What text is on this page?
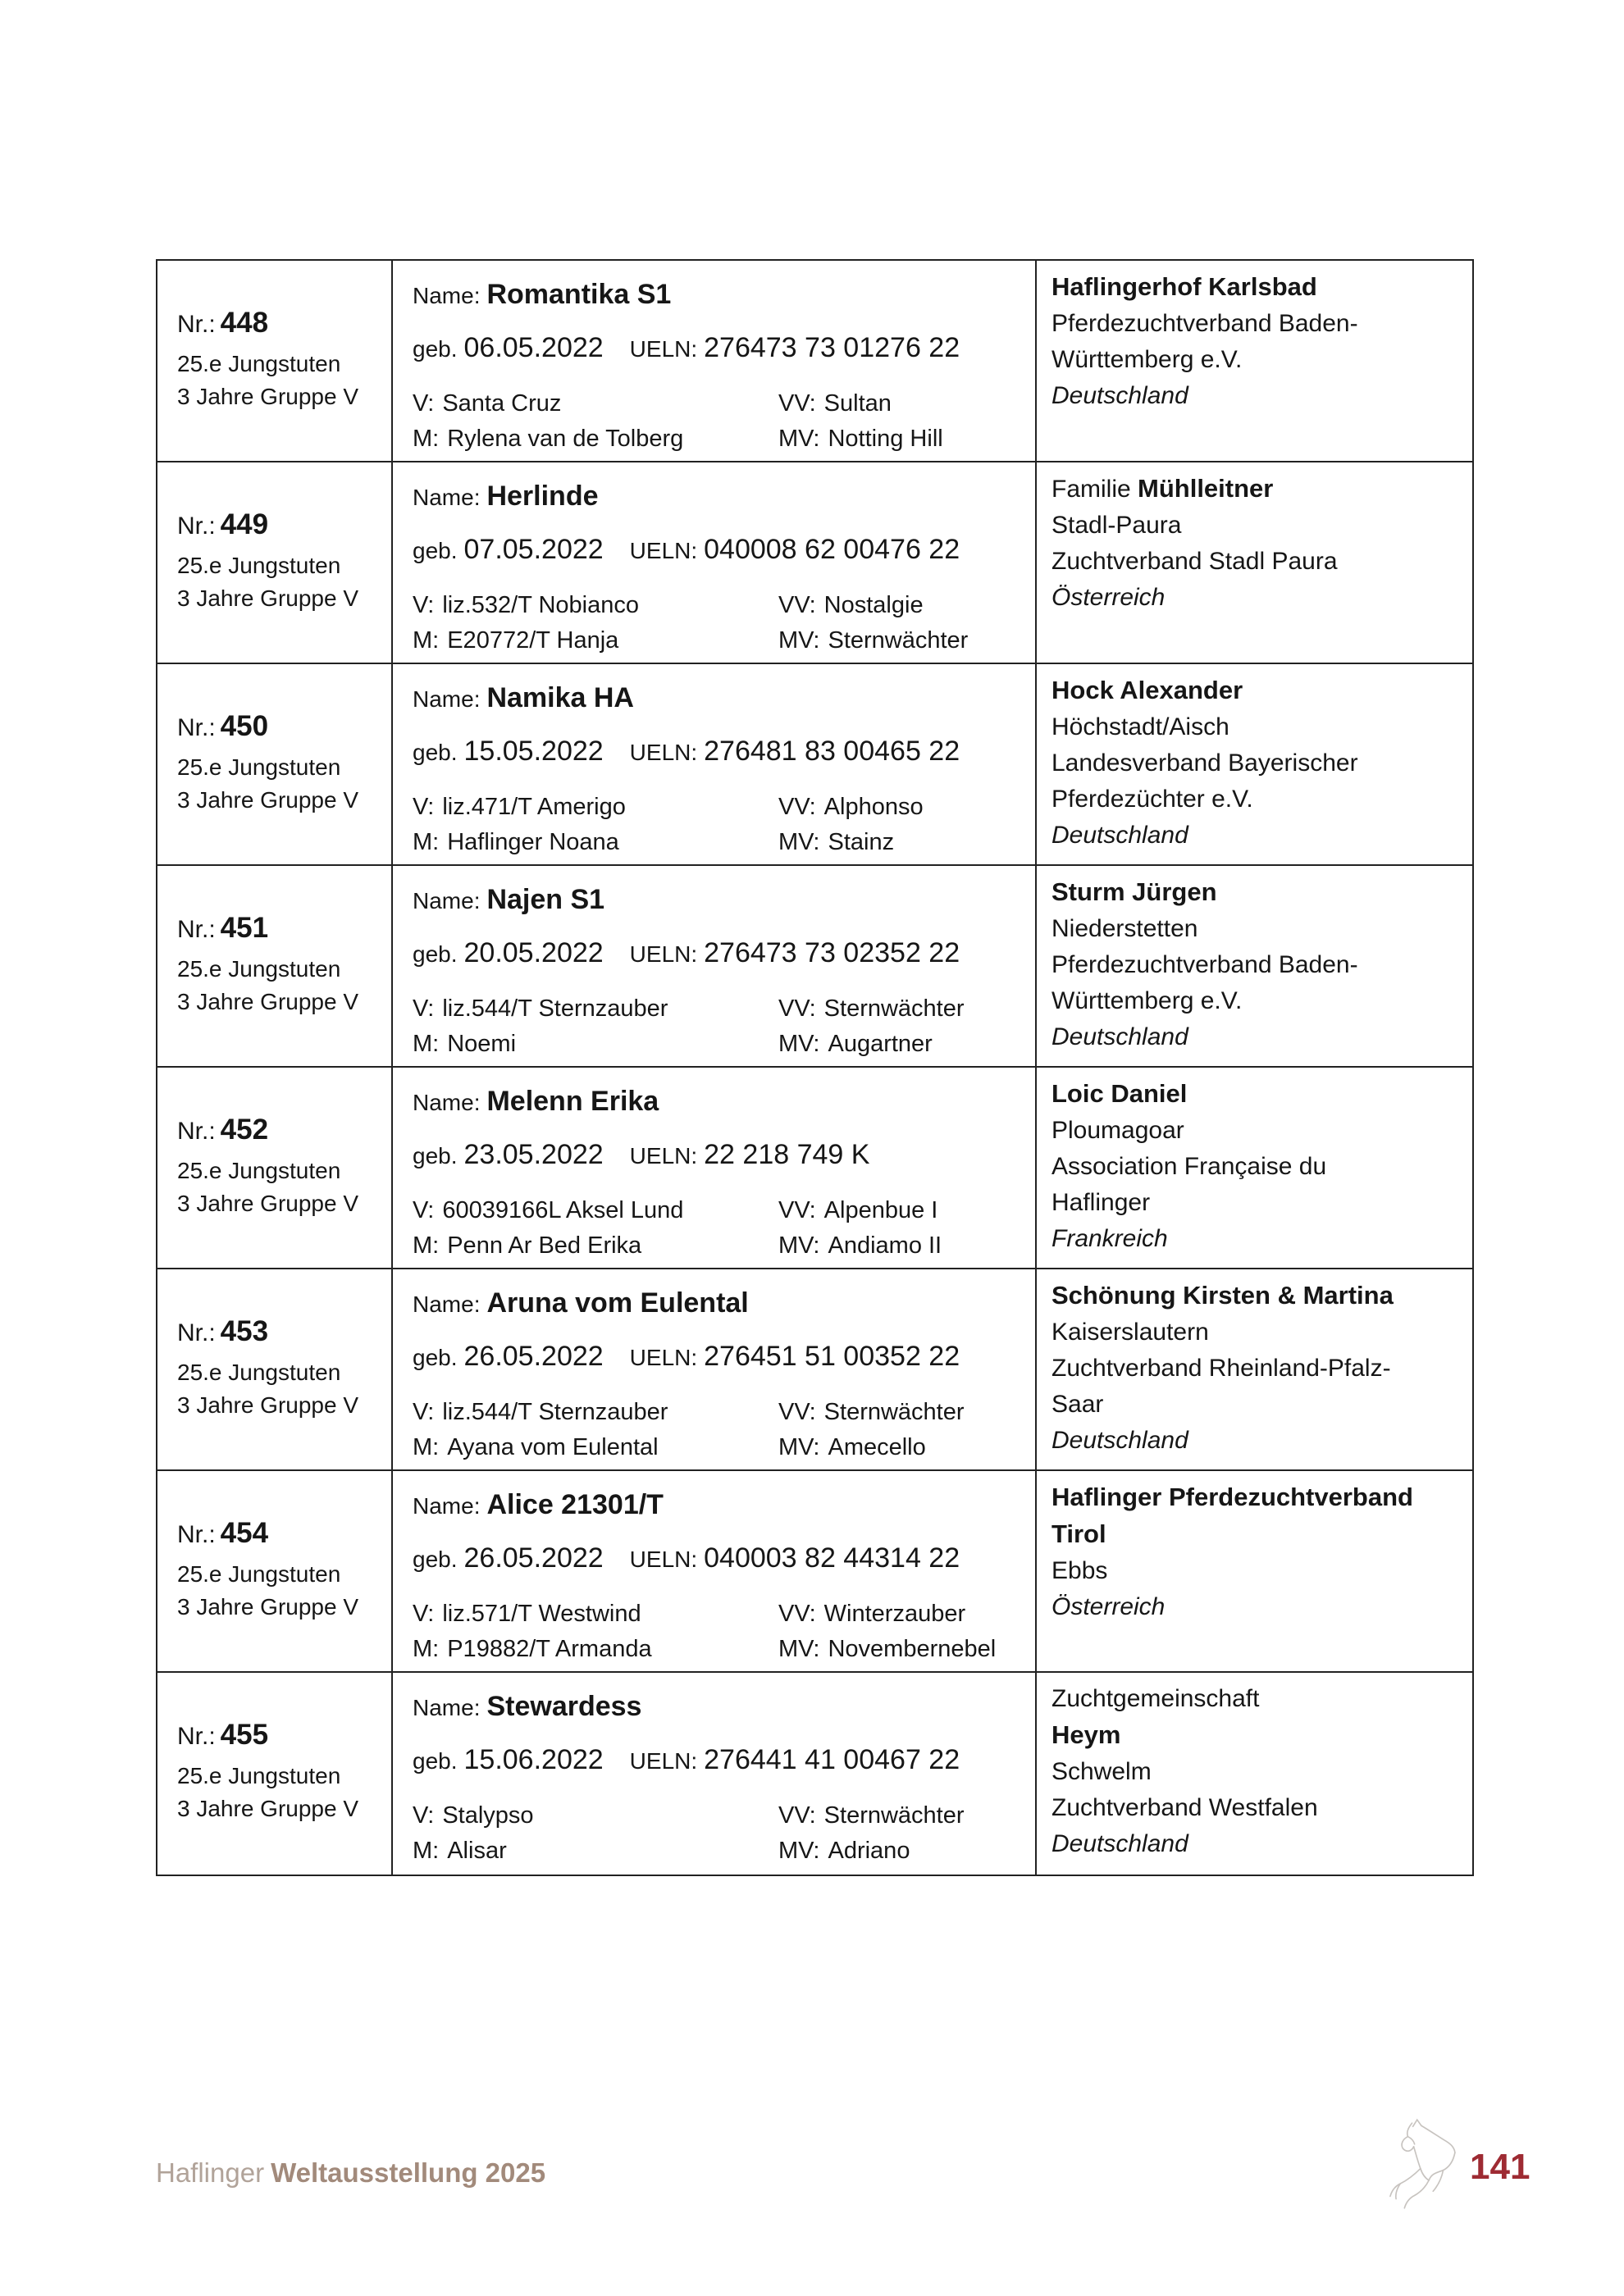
Nr.: 448
25.e Jungstuten
3 Jahre Gruppe V
Name: Romantika S1
geb. 06.05.2022 UELN: 276473 73 01276 22
V: Santa Cruz	VV: Sultan
M: Rylena van de Tolberg	MV: Notting Hill
Haflingerhof Karlsbad
Pferdezuchtverband Baden-
Württemberg e.V.
Deutschland
Nr.: 449
25.e Jungstuten
3 Jahre Gruppe V
Name: Herlinde
geb. 07.05.2022 UELN: 040008 62 00476 22
V: liz.532/T Nobianco	VV: Nostalgie
M: E20772/T Hanja	MV: Sternwächter
Familie Mühlleitner
Stadl-Paura
Zuchtverband Stadl Paura
Österreich
Nr.: 450
25.e Jungstuten
3 Jahre Gruppe V
Name: Namika HA
geb. 15.05.2022 UELN: 276481 83 00465 22
V: liz.471/T Amerigo	VV: Alphonso
M: Haflinger Noana	MV: Stainz
Hock Alexander
Höchstadt/Aisch
Landesverband Bayerischer
Pferdezüchter e.V.
Deutschland
Nr.: 451
25.e Jungstuten
3 Jahre Gruppe V
Name: Najen S1
geb. 20.05.2022 UELN: 276473 73 02352 22
V: liz.544/T Sternzauber	VV: Sternwächter
M: Noemi	MV: Augartner
Sturm Jürgen
Niederstetten
Pferdezuchtverband Baden-
Württemberg e.V.
Deutschland
Nr.: 452
25.e Jungstuten
3 Jahre Gruppe V
Name: Melenn Erika
geb. 23.05.2022 UELN: 22 218 749 K
V: 60039166L Aksel Lund	VV: Alpenbue I
M: Penn Ar Bed Erika	MV: Andiamo II
Loic Daniel
Ploumagoar
Association Française du
Haflinger
Frankreich
Nr.: 453
25.e Jungstuten
3 Jahre Gruppe V
Name: Aruna vom Eulental
geb. 26.05.2022 UELN: 276451 51 00352 22
V: liz.544/T Sternzauber	VV: Sternwächter
M: Ayana vom Eulental	MV: Amecello
Schönung Kirsten & Martina
Kaiserslautern
Zuchtverband Rheinland-Pfalz-
Saar
Deutschland
Nr.: 454
25.e Jungstuten
3 Jahre Gruppe V
Name: Alice 21301/T
geb. 26.05.2022 UELN: 040003 82 44314 22
V: liz.571/T Westwind	VV: Winterzauber
M: P19882/T Armanda	MV: Novembernebel
Haflinger Pferdezuchtverband
Tirol
Ebbs
Österreich
Nr.: 455
25.e Jungstuten
3 Jahre Gruppe V
Name: Stewardess
geb. 15.06.2022 UELN: 276441 41 00467 22
V: Stalypso	VV: Sternwächter
M: Alisar	MV: Adriano
Zuchtgemeinschaft
Heym
Schwelm
Zuchtverband Westfalen
Deutschland
Haflinger Weltausstellung 2025	141
